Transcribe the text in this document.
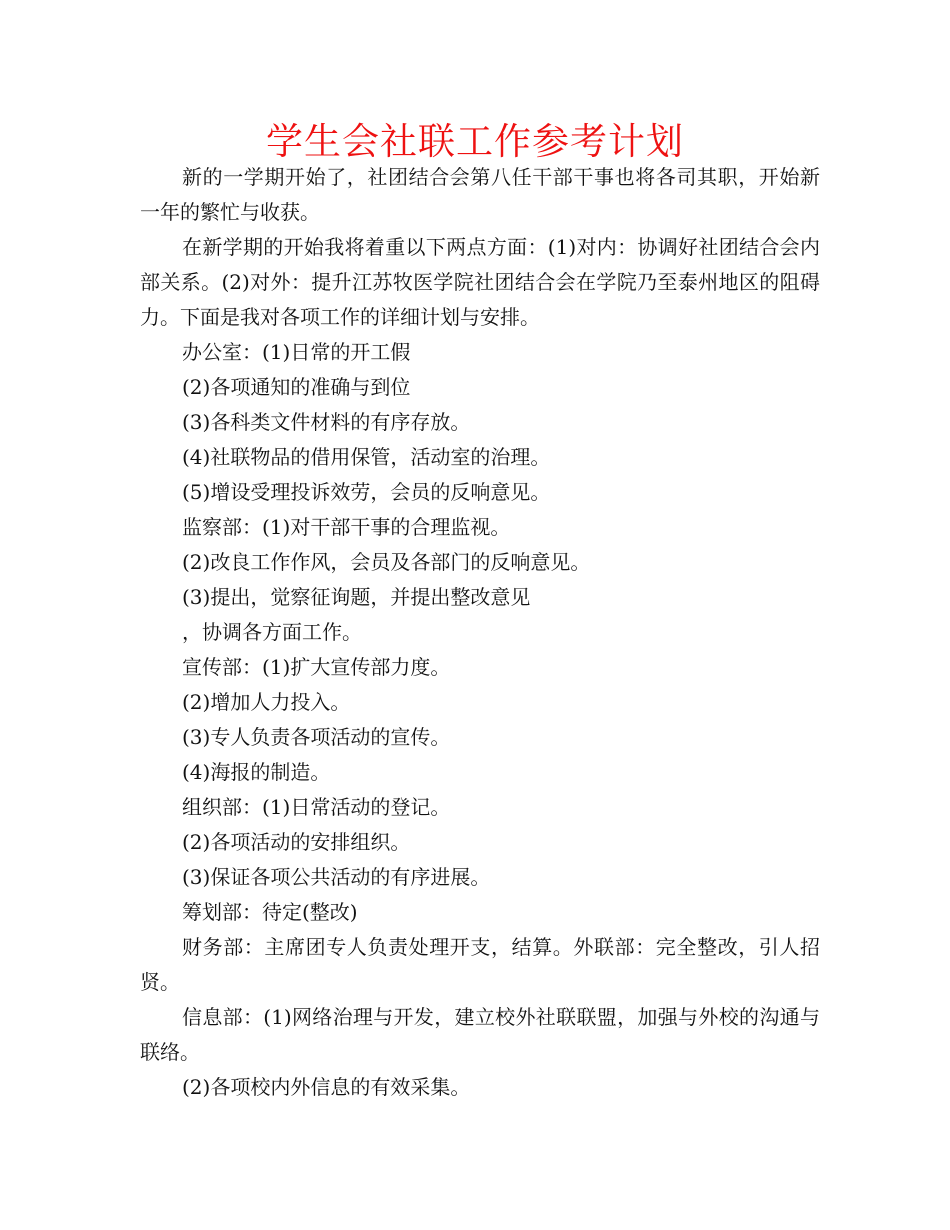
学生会社联工作参考计划

新的一学期开始了，社团结合会第八任干部干事也将各司其职，开始新一年的繁忙与收获。

在新学期的开始我将着重以下两点方面：(1)对内：协调好社团结合会内部关系。(2)对外：提升江苏牧医学院社团结合会在学院乃至泰州地区的阻碍力。下面是我对各项工作的详细计划与安排。

办公室：(1)日常的开工假

(2)各项通知的准确与到位

(3)各科类文件材料的有序存放。

(4)社联物品的借用保管，活动室的治理。

(5)增设受理投诉效劳，会员的反响意见。

监察部：(1)对干部干事的合理监视。

(2)改良工作作风，会员及各部门的反响意见。

(3)提出，觉察征询题，并提出整改意见

，协调各方面工作。

宣传部：(1)扩大宣传部力度。

(2)增加人力投入。

(3)专人负责各项活动的宣传。

(4)海报的制造。

组织部：(1)日常活动的登记。

(2)各项活动的安排组织。

(3)保证各项公共活动的有序进展。

筹划部：待定(整改)

财务部：主席团专人负责处理开支，结算。外联部：完全整改，引人招贤。

信息部：(1)网络治理与开发，建立校外社联联盟，加强与外校的沟通与联络。

(2)各项校内外信息的有效采集。
